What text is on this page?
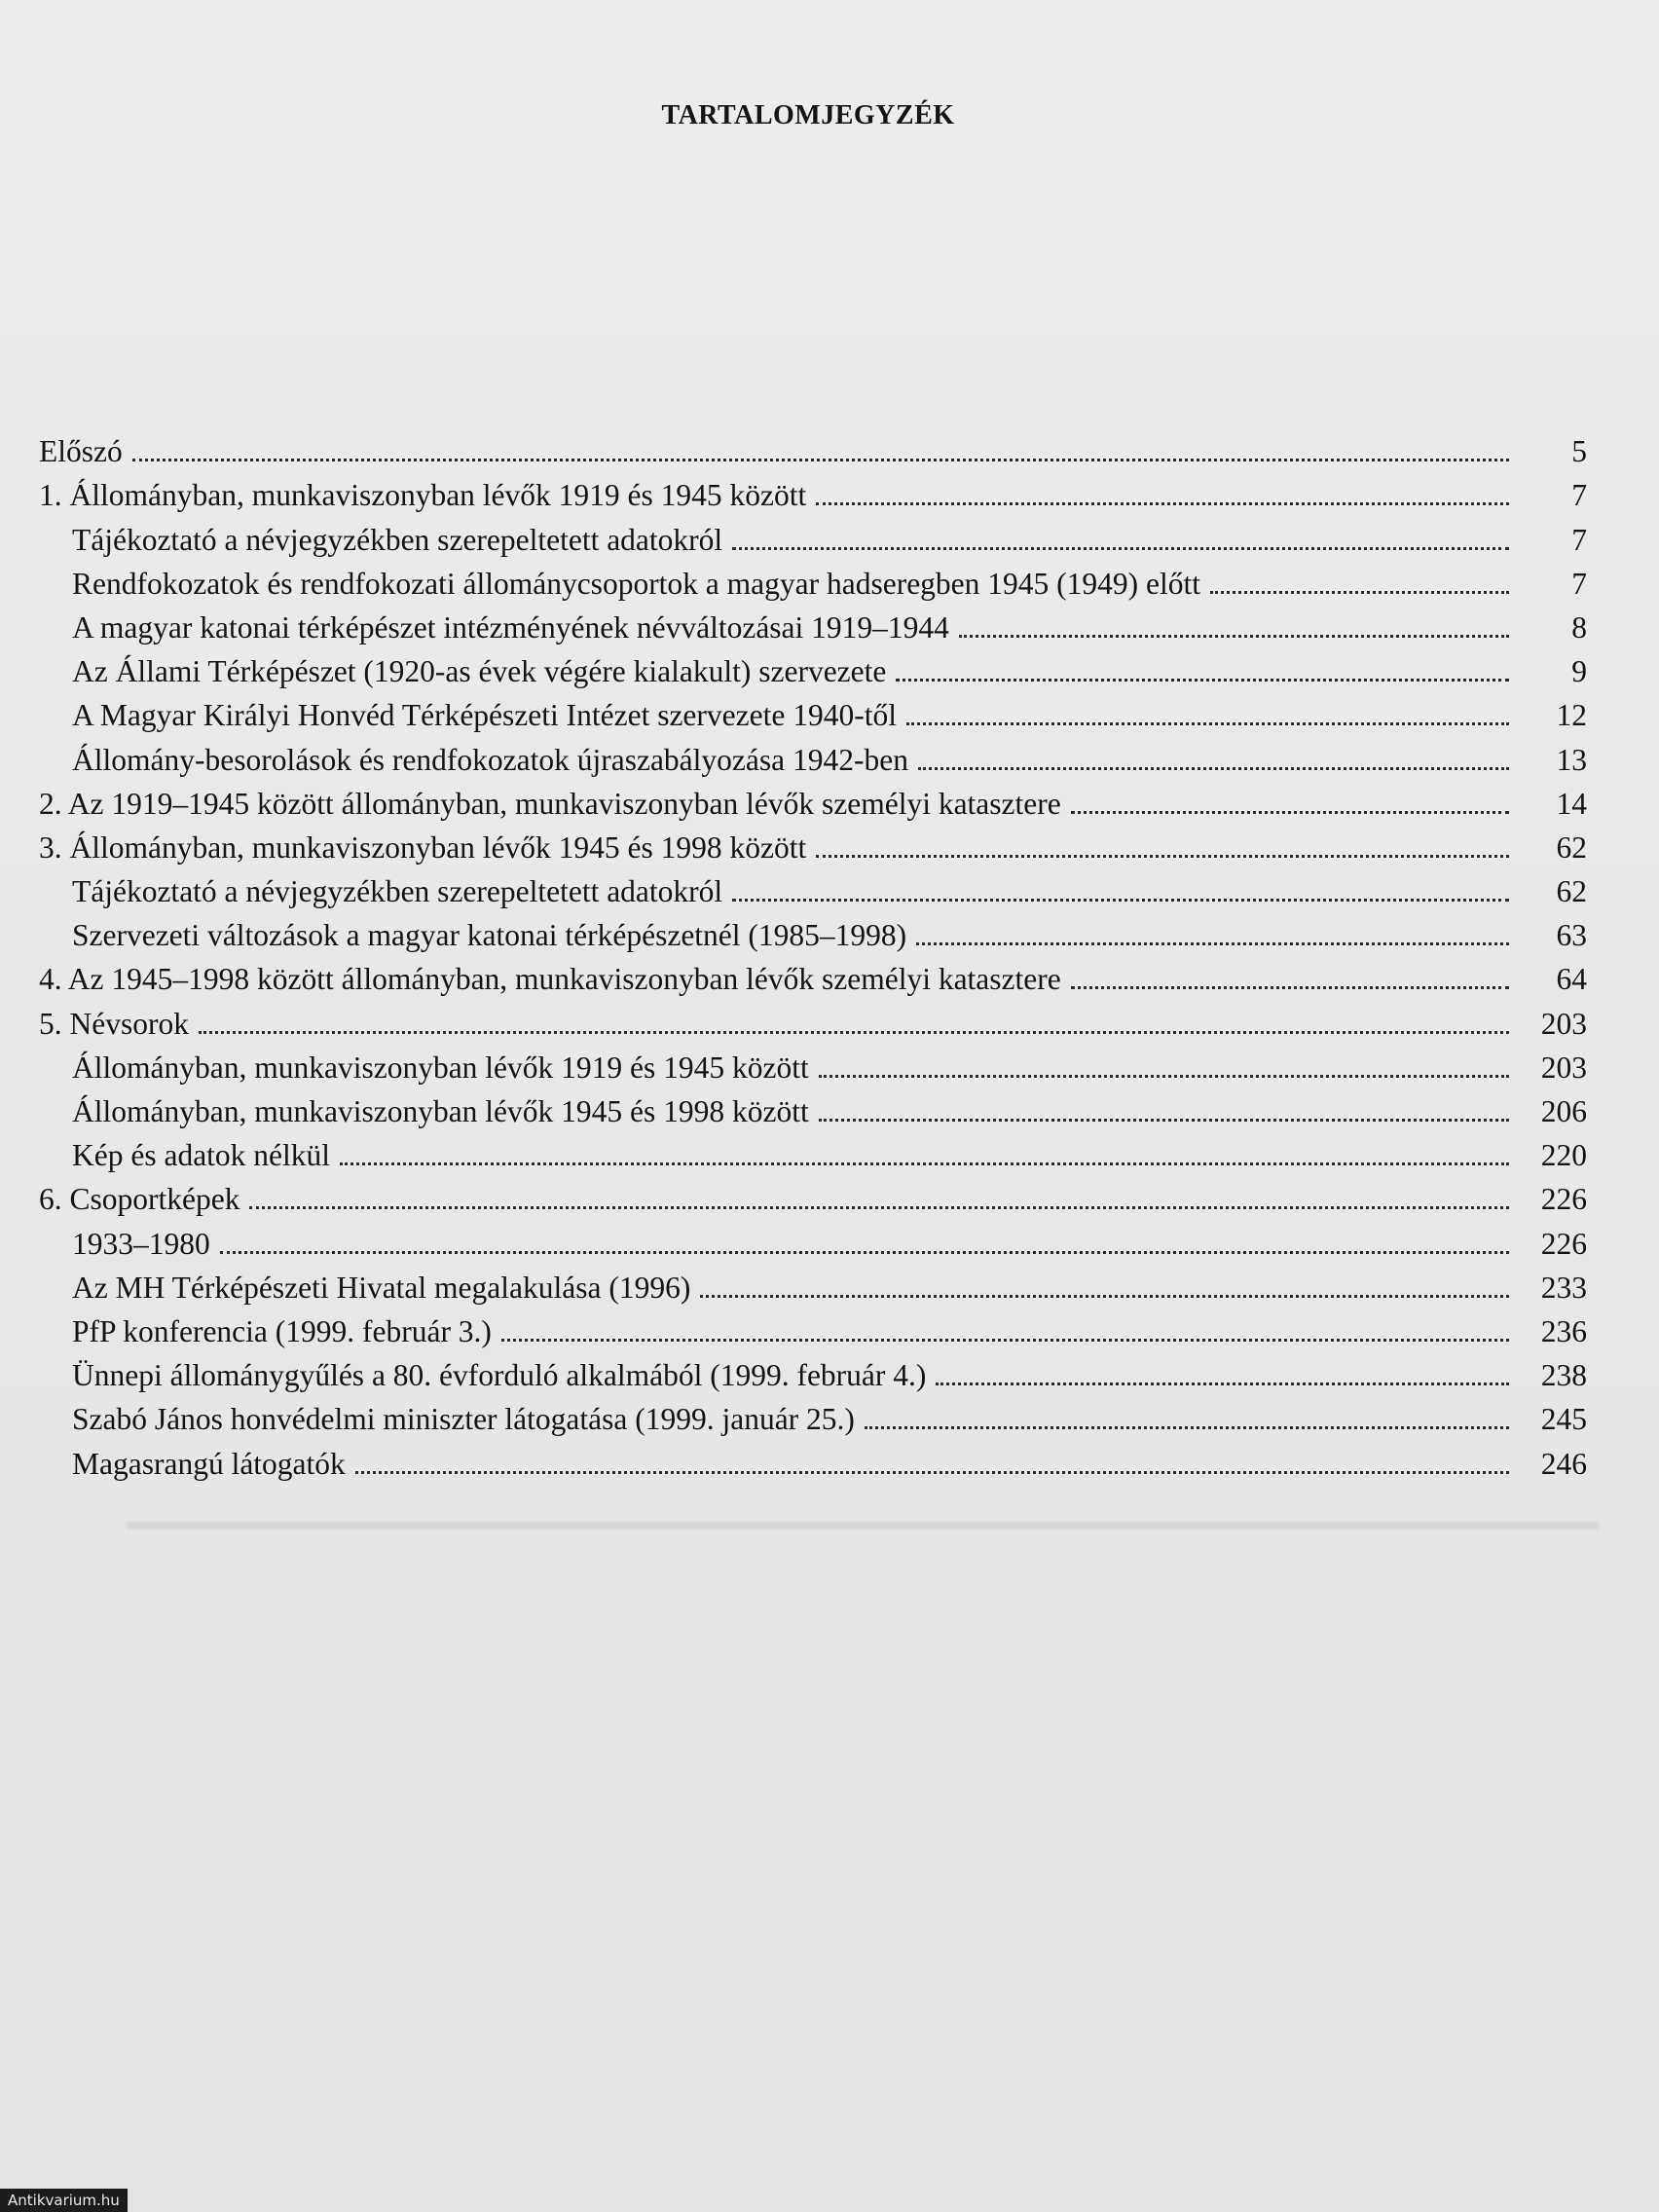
TARTALOMJEGYZÉK
Előszó	5
1. Állományban, munkaviszonyban lévők 1919 és 1945 között	7
Tájékoztató a névjegyzékben szerepeltetett adatokról	7
Rendfokozatok és rendfokozati állománycsoportok a magyar hadseregben 1945 (1949) előtt	7
A magyar katonai térképészet intézményének névváltozásai 1919–1944	8
Az Állami Térképészet (1920-as évek végére kialakult) szervezete	9
A Magyar Királyi Honvéd Térképészeti Intézet szervezete 1940-től	12
Állomány-besorolások és rendfokozatok újraszabályozása 1942-ben	13
2. Az 1919–1945 között állományban, munkaviszonyban lévők személyi katasztere	14
3. Állományban, munkaviszonyban lévők 1945 és 1998 között	62
Tájékoztató a névjegyzékben szerepeltetett adatokról	62
Szervezeti változások a magyar katonai térképészetnél (1985–1998)	63
4. Az 1945–1998 között állományban, munkaviszonyban lévők személyi katasztere	64
5. Névsorok	203
Állományban, munkaviszonyban lévők 1919 és 1945 között	203
Állományban, munkaviszonyban lévők 1945 és 1998 között	206
Kép és adatok nélkül	220
6. Csoportképek	226
1933–1980	226
Az MH Térképészeti Hivatal megalakulása (1996)	233
PfP konferencia (1999. február 3.)	236
Ünnepi állománygyűlés a 80. évforduló alkalmából (1999. február 4.)	238
Szabó János honvédelmi miniszter látogatása (1999. január 25.)	245
Magasrangú látogatók	246

▬▬▬▬▬▬▬▬▬▬▬▬▬▬▬▬▬▬▬▬▬▬▬▬▬▬▬▬▬▬▬▬▬▬▬▬▬▬▬▬▬▬▬▬▬▬▬▬▬▬▬▬▬▬▬▬

Antikvarium.hu
